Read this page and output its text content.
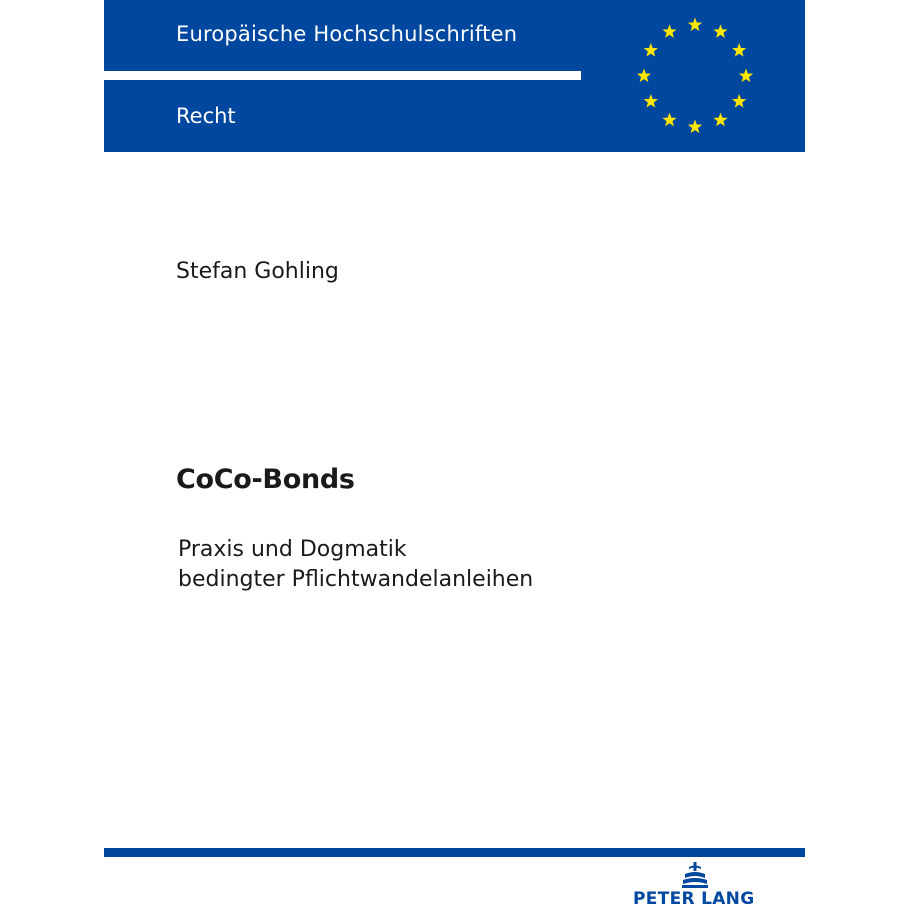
Europäische Hochschulschriften
Recht
Stefan Gohling
CoCo-Bonds
Praxis und Dogmatik
bedingter Pflichtwandelanleihen
PETER LANG
